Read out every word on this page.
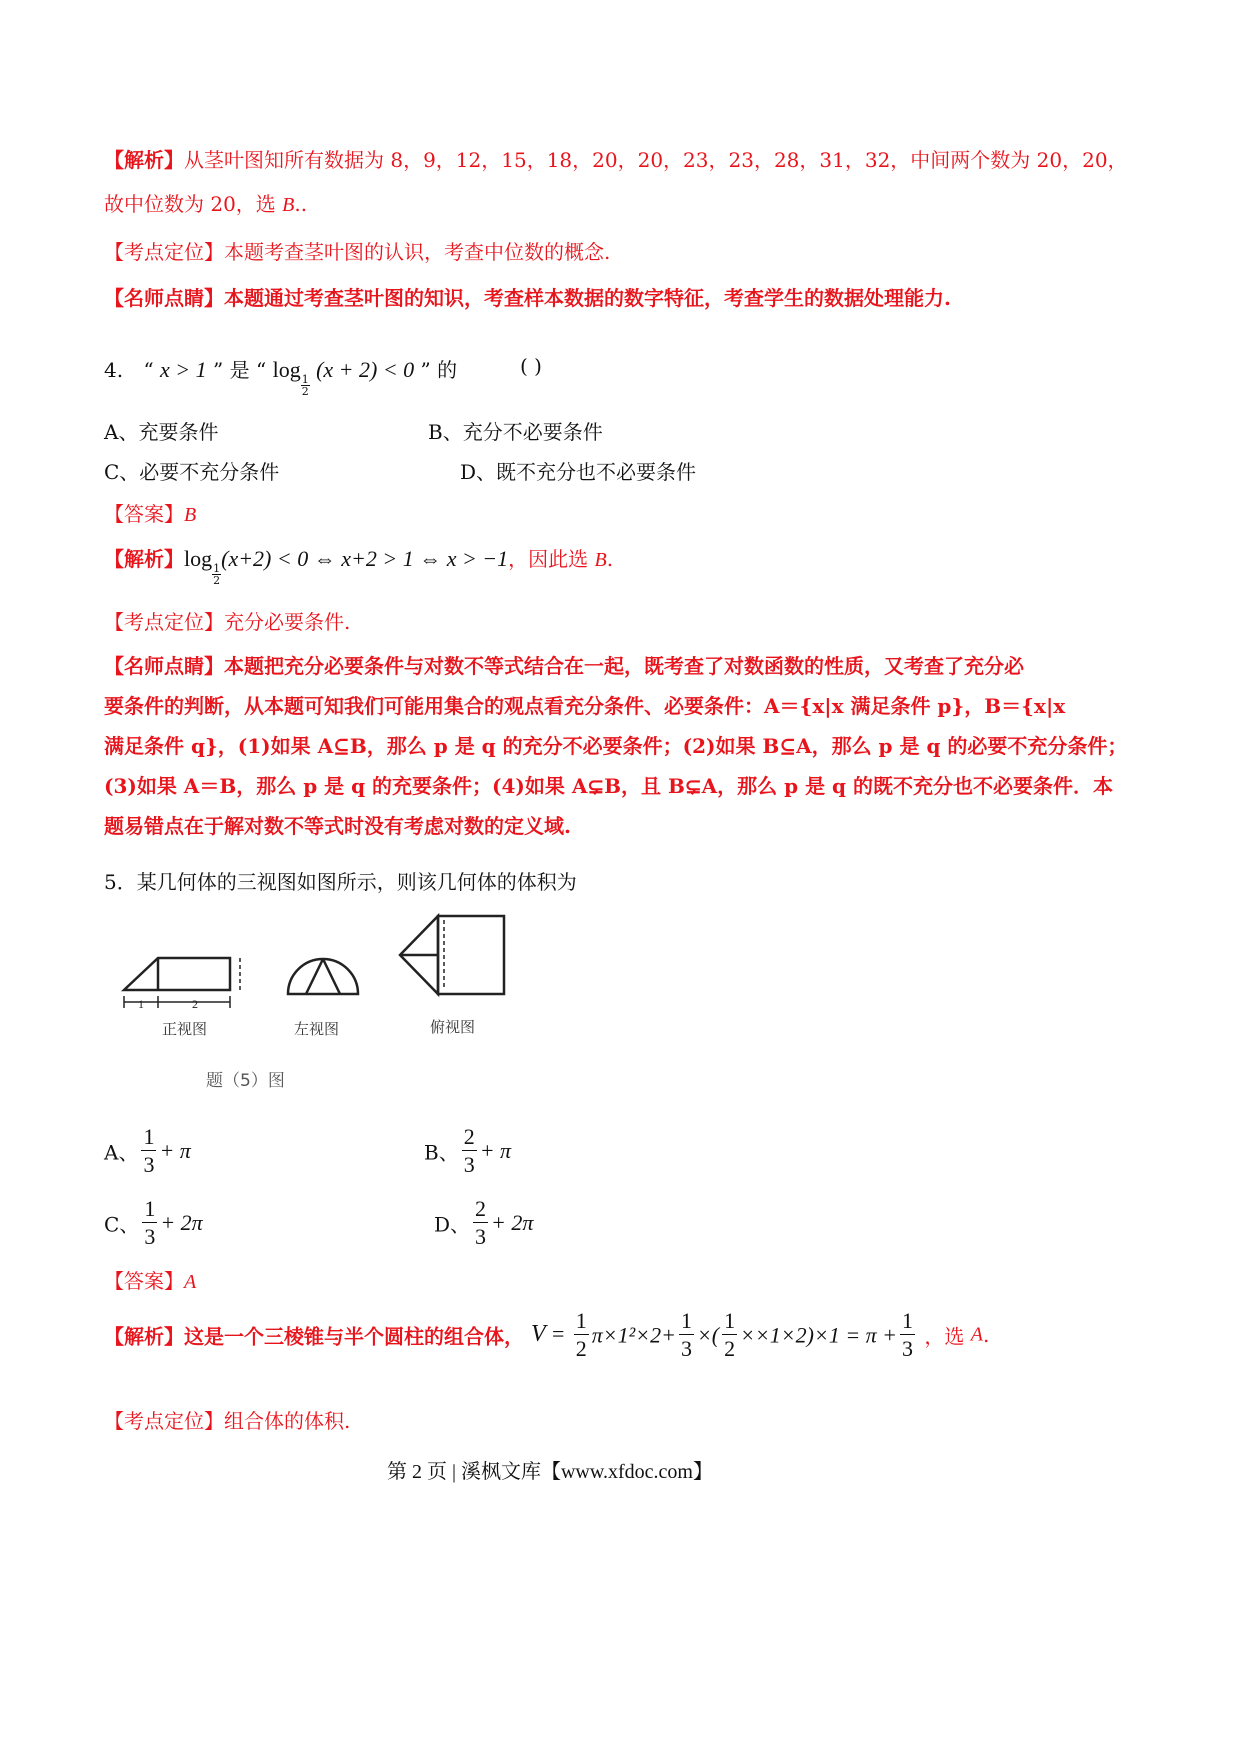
【解析】从茎叶图知所有数据为 8，9，12，15，18，20，20，23，23，28，31，32，中间两个数为 20，20，
故中位数为 20，选 B..
【考点定位】本题考查茎叶图的认识，考查中位数的概念.
【名师点睛】本题通过考查茎叶图的知识，考查样本数据的数字特征，考查学生的数据处理能力.
4. “ x > 1 ” 是 “ log
$\frac{1}{2}$
(x + 2) < 0 ” 的	( )
A、充要条件	B、充分不必要条件
C、必要不充分条件	D、既不充分也不必要条件
【答案】B
【解析】log
$\frac{1}{2}$
(x+2) < 0 ⇔ x+2 > 1 ⇔ x > −1，因此选 B.
【考点定位】充分必要条件.
【名师点睛】本题把充分必要条件与对数不等式结合在一起，既考查了对数函数的性质，又考查了充分必
要条件的判断，从本题可知我们可能用集合的观点看充分条件、必要条件：A＝{x|x 满足条件 p}，B＝{x|x
满足条件 q}，(1)如果 A⊆B，那么 p 是 q 的充分不必要条件；(2)如果 B⊆A，那么 p 是 q 的必要不充分条件；
(3)如果 A＝B，那么 p 是 q 的充要条件；(4)如果 A⊊B，且 B⊊A，那么 p 是 q 的既不充分也不必要条件．本
题易错点在于解对数不等式时没有考虑对数的定义域.
5．某几何体的三视图如图所示，则该几何体的体积为
1	2
正视图	左视图	俯视图
题（5）图
A、 $\frac{1}{3} + \pi$	B、 $\frac{2}{3} + \pi$
C、 $\frac{1}{3} + 2\pi$	D、 $\frac{2}{3} + 2\pi$
【答案】A
【解析】这是一个三棱锥与半个圆柱的组合体， $V = \frac{1}{2} \pi\times 1^2\times 2+ \frac{1}{3}$ ×( $\frac{1}{2} \times\times 1\times 2)\times 1 = \pi + \frac{1}{3}$ ，选 A.
【考点定位】组合体的体积.
第 2 页 | 溪枫文库【www.xfdoc.com】
